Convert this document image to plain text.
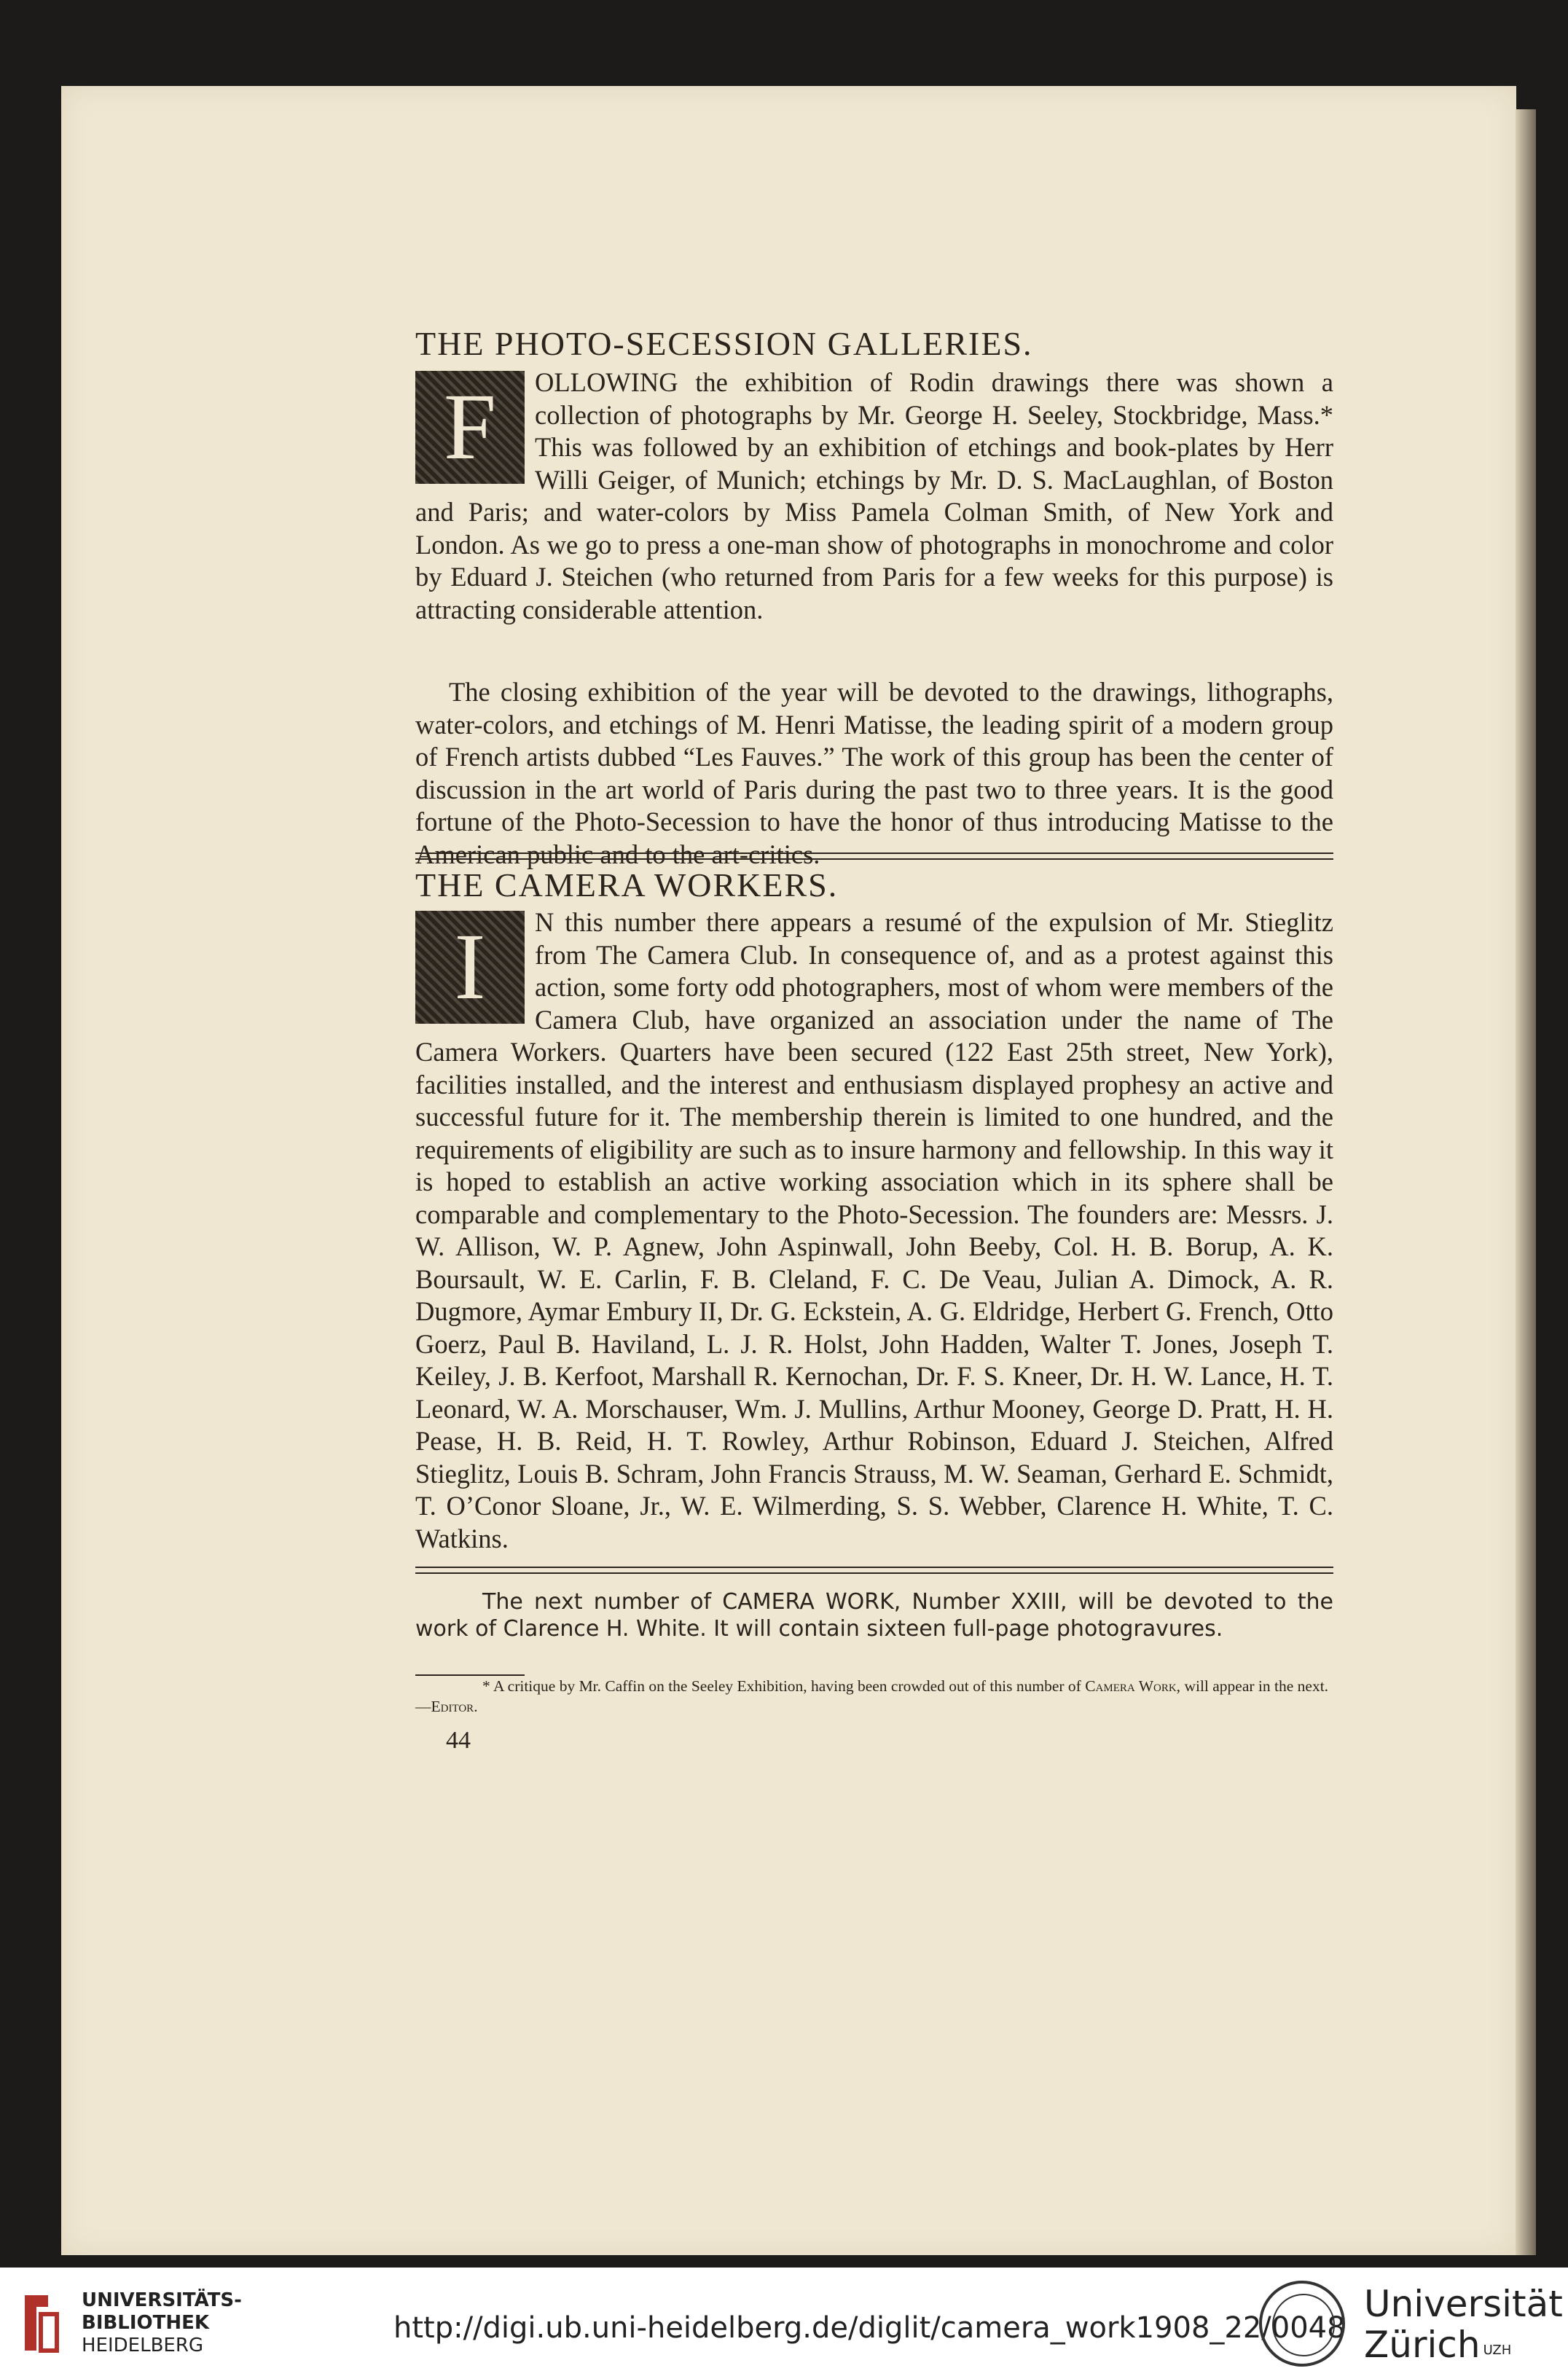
THE PHOTO-SECESSION GALLERIES.
F	OLLOWING the exhibition of Rodin drawings there was shown a collection of photographs by Mr. George H. Seeley, Stockbridge, Mass.* This was followed by an exhibition of etchings and book-plates by Herr Willi Geiger, of Munich; etchings by Mr. D. S. MacLaughlan, of Boston and Paris; and water-colors by Miss Pamela Colman Smith, of New York and London. As we go to press a one-man show of photographs in monochrome and color by Eduard J. Steichen (who returned from Paris for a few weeks for this purpose) is attracting considerable attention.
The closing exhibition of the year will be devoted to the drawings, lithographs, water-colors, and etchings of M. Henri Matisse, the leading spirit of a modern group of French artists dubbed “Les Fauves.” The work of this group has been the center of discussion in the art world of Paris during the past two to three years. It is the good fortune of the Photo-Secession to have the honor of thus introducing Matisse to the American public and to the art-critics.
THE CAMERA WORKERS.
I	N this number there appears a resumé of the expulsion of Mr. Stieglitz from The Camera Club. In consequence of, and as a protest against this action, some forty odd photographers, most of whom were members of the Camera Club, have organized an association under the name of The Camera Workers. Quarters have been secured (122 East 25th street, New York), facilities installed, and the interest and enthusiasm displayed prophesy an active and successful future for it. The membership therein is limited to one hundred, and the requirements of eligibility are such as to insure harmony and fellowship. In this way it is hoped to establish an active working association which in its sphere shall be comparable and complementary to the Photo-Secession. The founders are: Messrs. J. W. Allison, W. P. Agnew, John Aspinwall, John Beeby, Col. H. B. Borup, A. K. Boursault, W. E. Carlin, F. B. Cleland, F. C. De Veau, Julian A. Dimock, A. R. Dugmore, Aymar Embury II, Dr. G. Eckstein, A. G. Eldridge, Herbert G. French, Otto Goerz, Paul B. Haviland, L. J. R. Holst, John Hadden, Walter T. Jones, Joseph T. Keiley, J. B. Kerfoot, Marshall R. Kernochan, Dr. F. S. Kneer, Dr. H. W. Lance, H. T. Leonard, W. A. Morschauser, Wm. J. Mullins, Arthur Mooney, George D. Pratt, H. H. Pease, H. B. Reid, H. T. Rowley, Arthur Robinson, Eduard J. Steichen, Alfred Stieglitz, Louis B. Schram, John Francis Strauss, M. W. Seaman, Gerhard E. Schmidt, T. O’Conor Sloane, Jr., W. E. Wilmerding, S. S. Webber, Clarence H. White, T. C. Watkins.
The next number of CAMERA WORK, Number XXIII, will be devoted to the work of Clarence H. White. It will contain sixteen full-page photogravures.
* A critique by Mr. Caffin on the Seeley Exhibition, having been crowded out of this number of Camera Work, will appear in the next.—Editor.
44
UNIVERSITÄTS-
BIBLIOTHEK
HEIDELBERG
http://digi.ub.uni-heidelberg.de/diglit/camera_work1908_22/0048
Universität
Zürich $^{UZH}$
